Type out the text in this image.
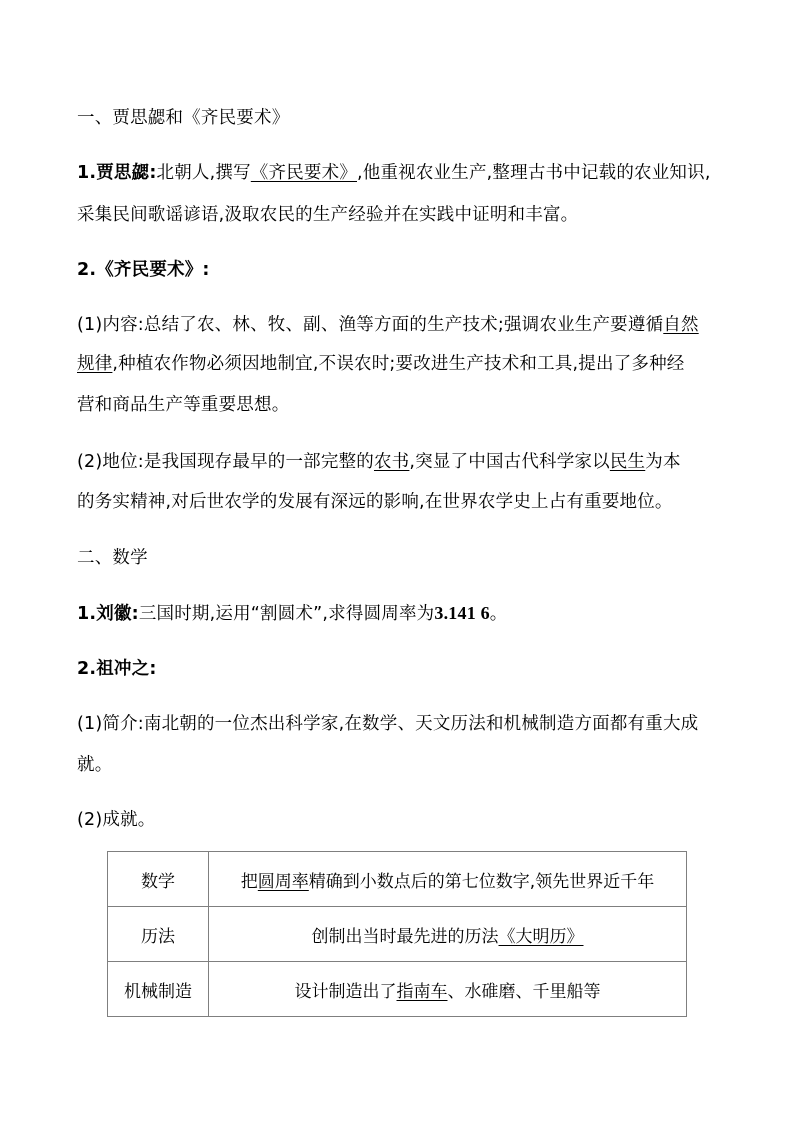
一、贾思勰和《齐民要术》
1.贾思勰:北朝人,撰写《齐民要术》,他重视农业生产,整理古书中记载的农业知识,
采集民间歌谣谚语,汲取农民的生产经验并在实践中证明和丰富。
2.《齐民要术》:
(1)内容:总结了农、林、牧、副、渔等方面的生产技术;强调农业生产要遵循自然
规律,种植农作物必须因地制宜,不误农时;要改进生产技术和工具,提出了多种经
营和商品生产等重要思想。
(2)地位:是我国现存最早的一部完整的农书,突显了中国古代科学家以民生为本
的务实精神,对后世农学的发展有深远的影响,在世界农学史上占有重要地位。
二、数学
1.刘徽:三国时期,运用“割圆术”,求得圆周率为3.141 6。
2.祖冲之:
(1)简介:南北朝的一位杰出科学家,在数学、天文历法和机械制造方面都有重大成
就。
(2)成就。
数学	把圆周率精确到小数点后的第七位数字,领先世界近千年
历法	创制出当时最先进的历法《大明历》
机械制造	设计制造出了指南车、水碓磨、千里船等
